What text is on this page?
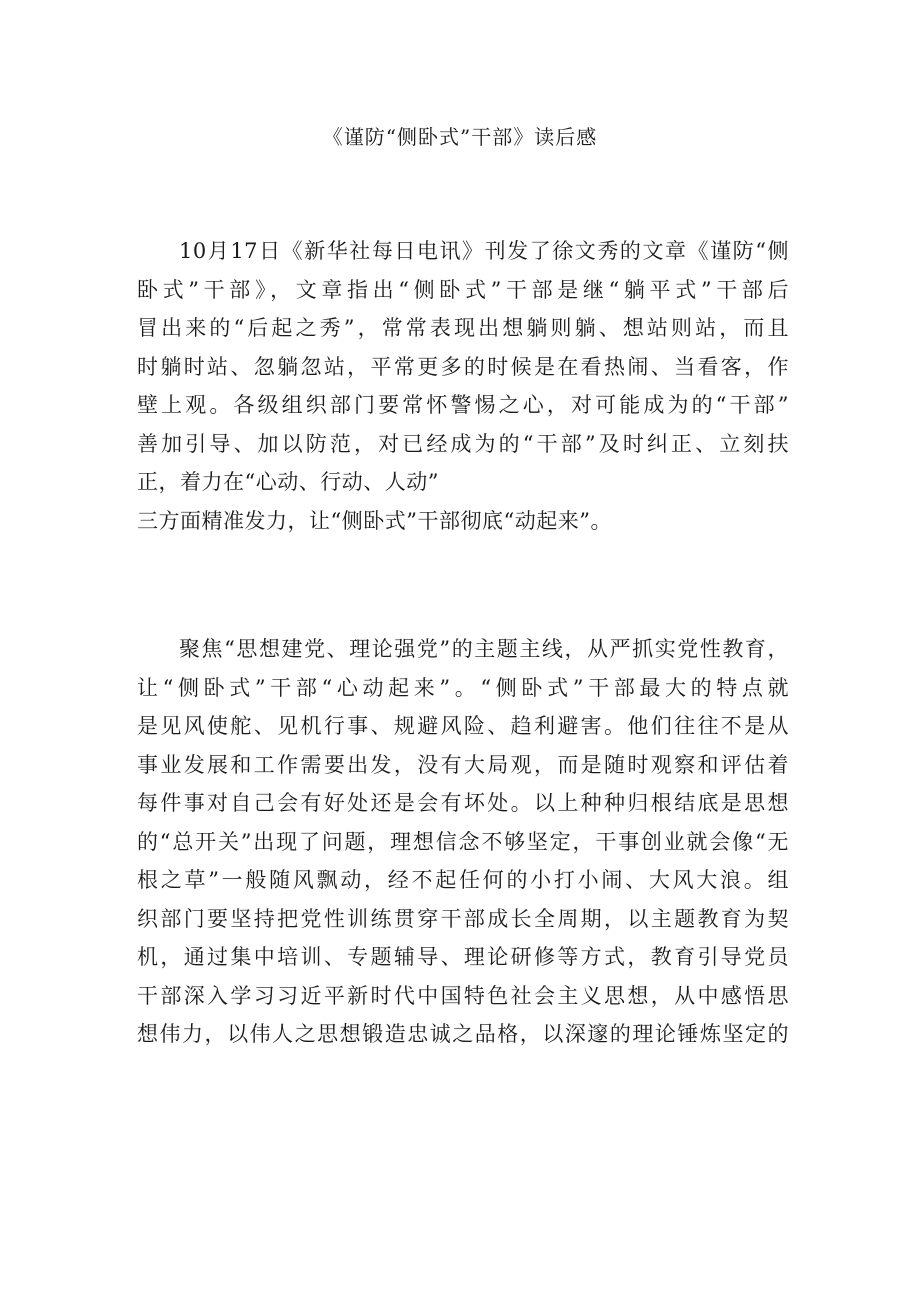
《谨防“侧卧式”干部》读后感
10月17日《新华社每日电讯》刊发了徐文秀的文章《谨防“侧
卧式”干部》，文章指出“侧卧式”干部是继“躺平式”干部后
冒出来的“后起之秀”，常常表现出想躺则躺、想站则站，而且
时躺时站、忽躺忽站，平常更多的时候是在看热闹、当看客，作
壁上观。各级组织部门要常怀警惕之心，对可能成为的“干部”
善加引导、加以防范，对已经成为的“干部”及时纠正、立刻扶
正，着力在“心动、行动、人动”
三方面精准发力，让“侧卧式”干部彻底“动起来”。
聚焦“思想建党、理论强党”的主题主线，从严抓实党性教育，
让“侧卧式”干部“心动起来”。“侧卧式”干部最大的特点就
是见风使舵、见机行事、规避风险、趋利避害。他们往往不是从
事业发展和工作需要出发，没有大局观，而是随时观察和评估着
每件事对自己会有好处还是会有坏处。以上种种归根结底是思想
的“总开关”出现了问题，理想信念不够坚定，干事创业就会像“无
根之草”一般随风飘动，经不起任何的小打小闹、大风大浪。组
织部门要坚持把党性训练贯穿干部成长全周期，以主题教育为契
机，通过集中培训、专题辅导、理论研修等方式，教育引导党员
干部深入学习习近平新时代中国特色社会主义思想，从中感悟思
想伟力，以伟人之思想锻造忠诚之品格，以深邃的理论锤炼坚定的
